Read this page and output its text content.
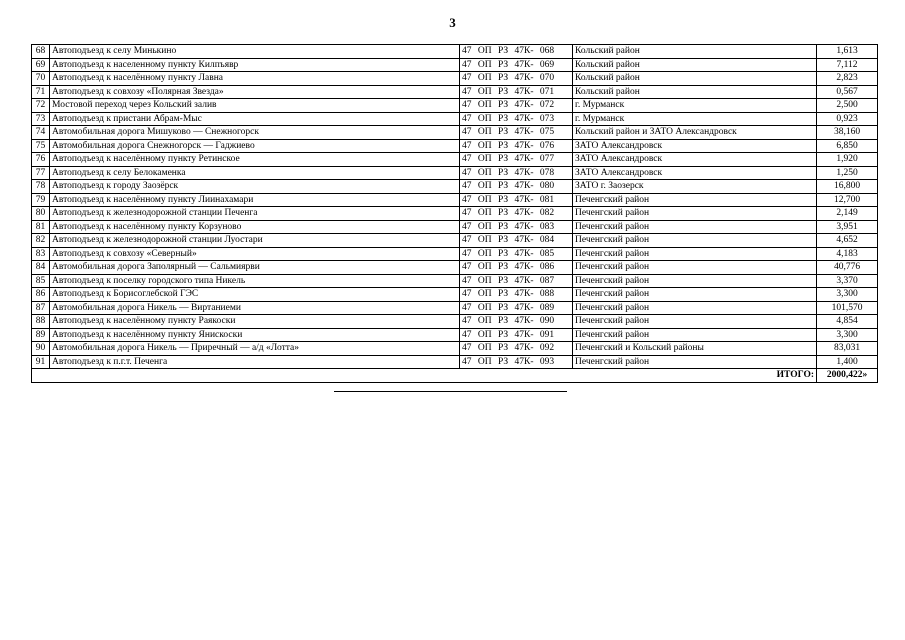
3
68	Автоподъезд к селу Минькино	47 ОП РЗ 47К- 068	Кольский район	1,613
69	Автоподъезд к населенному пункту Килпъявр	47 ОП РЗ 47К- 069	Кольский район	7,112
70	Автоподъезд к населённому пункту Лавна	47 ОП РЗ 47К- 070	Кольский район	2,823
71	Автоподъезд к совхозу «Полярная Звезда»	47 ОП РЗ 47К- 071	Кольский район	0,567
72	Мостовой переход через Кольский залив	47 ОП РЗ 47К- 072	г. Мурманск	2,500
73	Автоподъезд к пристани Абрам-Мыс	47 ОП РЗ 47К- 073	г. Мурманск	0,923
74	Автомобильная дорога Мишуково — Снежногорск	47 ОП РЗ 47К- 075	Кольский район и ЗАТО Александровск	38,160
75	Автомобильная дорога Снежногорск — Гаджиево	47 ОП РЗ 47К- 076	ЗАТО Александровск	6,850
76	Автоподъезд к населённому пункту Ретинское	47 ОП РЗ 47К- 077	ЗАТО Александровск	1,920
77	Автоподъезд к селу Белокаменка	47 ОП РЗ 47К- 078	ЗАТО Александровск	1,250
78	Автоподъезд к городу Заозёрск	47 ОП РЗ 47К- 080	ЗАТО г. Заозерск	16,800
79	Автоподъезд к населённому пункту Лиинахамари	47 ОП РЗ 47К- 081	Печенгский район	12,700
80	Автоподъезд к железнодорожной станции Печенга	47 ОП РЗ 47К- 082	Печенгский район	2,149
81	Автоподъезд к населённому пункту Корзуново	47 ОП РЗ 47К- 083	Печенгский район	3,951
82	Автоподъезд к железнодорожной станции Луостари	47 ОП РЗ 47К- 084	Печенгский район	4,652
83	Автоподъезд к совхозу «Северный»	47 ОП РЗ 47К- 085	Печенгский район	4,183
84	Автомобильная дорога Заполярный — Сальмиярви	47 ОП РЗ 47К- 086	Печенгский район	40,776
85	Автоподъезд к поселку городского типа Никель	47 ОП РЗ 47К- 087	Печенгский район	3,370
86	Автоподъезд к Борисоглебской ГЭС	47 ОП РЗ 47К- 088	Печенгский район	3,300
87	Автомобильная дорога Никель — Виртаниеми	47 ОП РЗ 47К- 089	Печенгский район	101,570
88	Автоподъезд к населённому пункту Раякоски	47 ОП РЗ 47К- 090	Печенгский район	4,854
89	Автоподъезд к населённому пункту Янискоски	47 ОП РЗ 47К- 091	Печенгский район	3,300
90	Автомобильная дорога Никель — Приречный — а/д «Лотта»	47 ОП РЗ 47К- 092	Печенгский и Кольский районы	83,031
91	Автоподъезд к п.г.т. Печенга	47 ОП РЗ 47К- 093	Печенгский район	1,400
ИТОГО:				2000,422»
